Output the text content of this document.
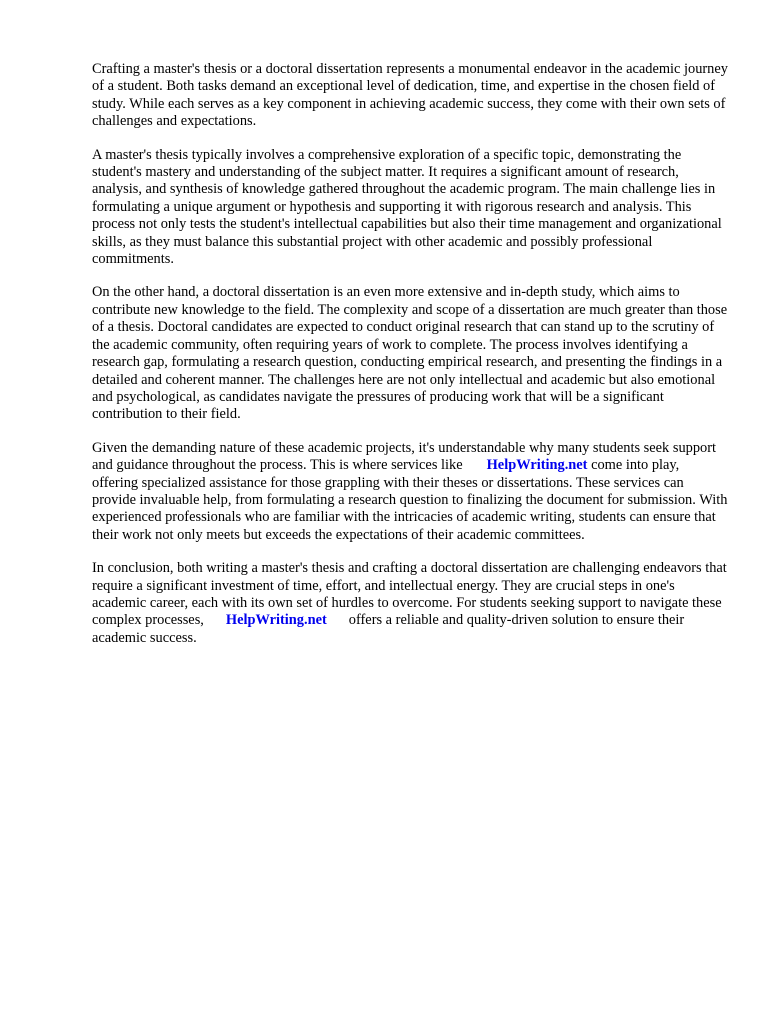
Crafting a master's thesis or a doctoral dissertation represents a monumental endeavor in the academic journey of a student. Both tasks demand an exceptional level of dedication, time, and expertise in the chosen field of study. While each serves as a key component in achieving academic success, they come with their own sets of challenges and expectations.

A master's thesis typically involves a comprehensive exploration of a specific topic, demonstrating the student's mastery and understanding of the subject matter. It requires a significant amount of research, analysis, and synthesis of knowledge gathered throughout the academic program. The main challenge lies in formulating a unique argument or hypothesis and supporting it with rigorous research and analysis. This process not only tests the student's intellectual capabilities but also their time management and organizational skills, as they must balance this substantial project with other academic and possibly professional commitments.

On the other hand, a doctoral dissertation is an even more extensive and in-depth study, which aims to contribute new knowledge to the field. The complexity and scope of a dissertation are much greater than those of a thesis. Doctoral candidates are expected to conduct original research that can stand up to the scrutiny of the academic community, often requiring years of work to complete. The process involves identifying a research gap, formulating a research question, conducting empirical research, and presenting the findings in a detailed and coherent manner. The challenges here are not only intellectual and academic but also emotional and psychological, as candidates navigate the pressures of producing work that will be a significant contribution to their field.

Given the demanding nature of these academic projects, it's understandable why many students seek support and guidance throughout the process. This is where services like HelpWriting.net come into play, offering specialized assistance for those grappling with their theses or dissertations. These services can provide invaluable help, from formulating a research question to finalizing the document for submission. With experienced professionals who are familiar with the intricacies of academic writing, students can ensure that their work not only meets but exceeds the expectations of their academic committees.

In conclusion, both writing a master's thesis and crafting a doctoral dissertation are challenging endeavors that require a significant investment of time, effort, and intellectual energy. They are crucial steps in one's academic career, each with its own set of hurdles to overcome. For students seeking support to navigate these complex processes, HelpWriting.net offers a reliable and quality-driven solution to ensure their academic success.
